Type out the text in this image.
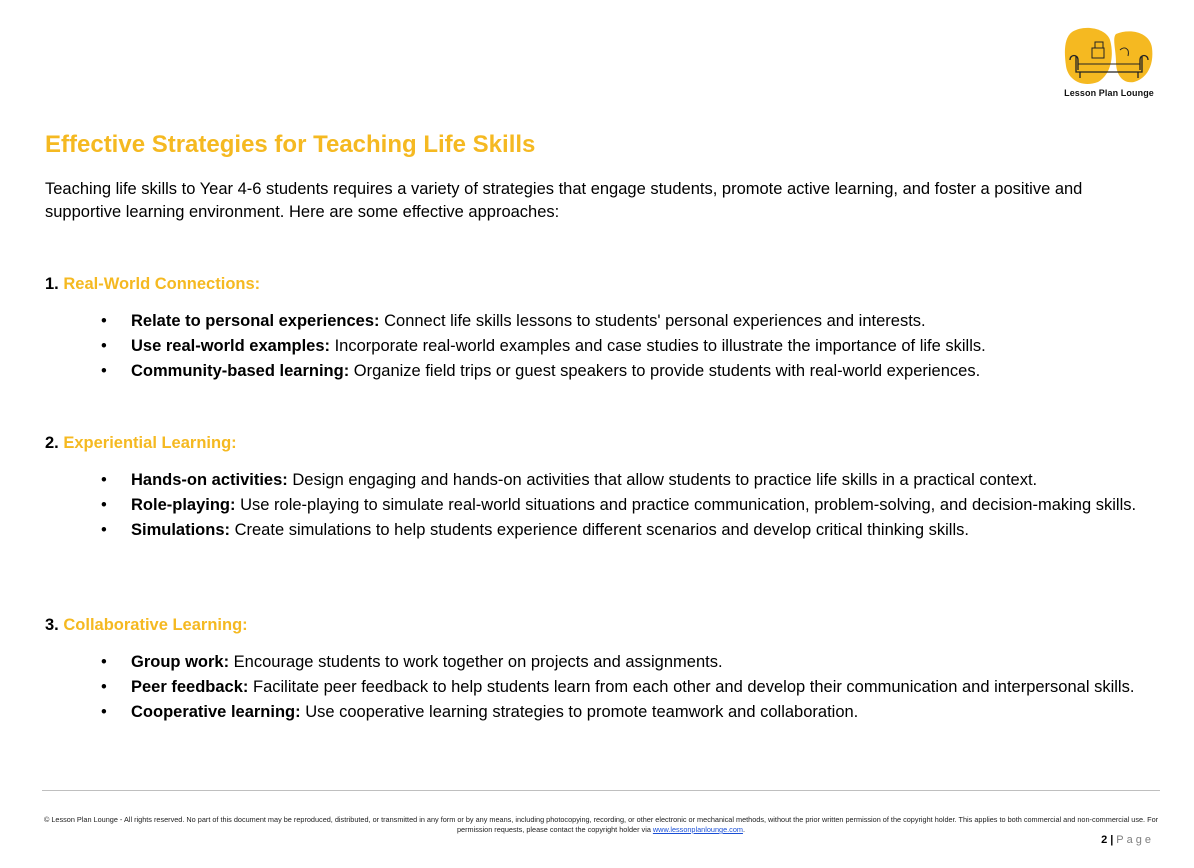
Lesson Plan Lounge
Effective Strategies for Teaching Life Skills

Teaching life skills to Year 4-6 students requires a variety of strategies that engage students, promote active learning, and foster a positive and supportive learning environment. Here are some effective approaches:

1. Real-World Connections:

• Relate to personal experiences: Connect life skills lessons to students' personal experiences and interests.
• Use real-world examples: Incorporate real-world examples and case studies to illustrate the importance of life skills.
• Community-based learning: Organize field trips or guest speakers to provide students with real-world experiences.

2. Experiential Learning:

• Hands-on activities: Design engaging and hands-on activities that allow students to practice life skills in a practical context.
• Role-playing: Use role-playing to simulate real-world situations and practice communication, problem-solving, and decision-making skills.
• Simulations: Create simulations to help students experience different scenarios and develop critical thinking skills.

3. Collaborative Learning:

• Group work: Encourage students to work together on projects and assignments.
• Peer feedback: Facilitate peer feedback to help students learn from each other and develop their communication and interpersonal skills.
• Cooperative learning: Use cooperative learning strategies to promote teamwork and collaboration.
© Lesson Plan Lounge - All rights reserved. No part of this document may be reproduced, distributed, or transmitted in any form or by any means, including photocopying, recording, or other electronic or mechanical methods, without the prior written permission of the copyright holder. This applies to both commercial and non-commercial use. For permission requests, please contact the copyright holder via www.lessonplanlounge.com.
2 | Page
